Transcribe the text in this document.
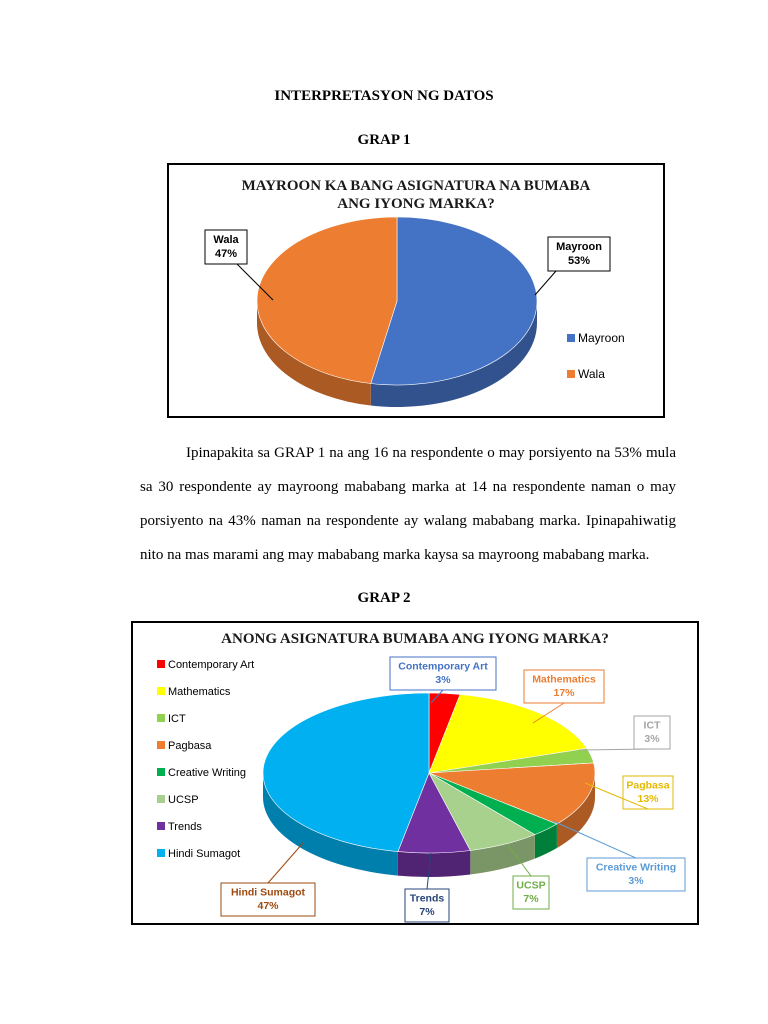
INTERPRETASYON NG DATOS
GRAP 1
MAYROON KA BANG ASIGNATURA NA BUMABA
ANG IYONG MARKA?
Wala
47%
Mayroon
53%
Mayroon
Wala

Ipinapakita sa GRAP 1 na ang 16 na respondente o may porsiyento na 53% mula sa 30 respondente ay mayroong mababang marka at 14 na respondente naman o may porsiyento na 43% naman na respondente ay walang mababang marka. Ipinapahiwatig nito na mas marami ang may mababang marka kaysa sa mayroong mababang marka.

GRAP 2
ANONG ASIGNATURA BUMABA ANG IYONG MARKA?
Contemporary Art
Mathematics
ICT
Pagbasa
Creative Writing
UCSP
Trends
Hindi Sumagot
Contemporary Art
3%	Mathematics
17%
ICT
3%
Pagbasa
13%
Creative Writing
3%
UCSP
7%
Trends
7%
Hindi Sumagot
47%
